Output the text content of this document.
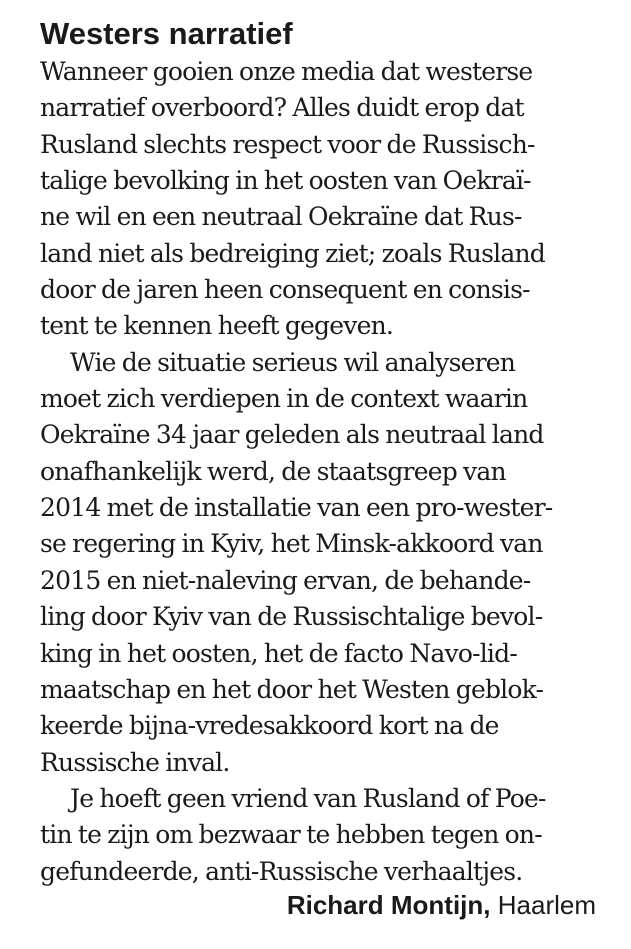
Westers narratief
Wanneer gooien onze media dat westerse
narratief overboord? Alles duidt erop dat
Rusland slechts respect voor de Russisch-
talige bevolking in het oosten van Oekraï-
ne wil en een neutraal Oekraïne dat Rus-
land niet als bedreiging ziet; zoals Rusland
door de jaren heen consequent en consis-
tent te kennen heeft gegeven.
Wie de situatie serieus wil analyseren
moet zich verdiepen in de context waarin
Oekraïne 34 jaar geleden als neutraal land
onafhankelijk werd, de staatsgreep van
2014 met de installatie van een pro-wester-
se regering in Kyiv, het Minsk-akkoord van
2015 en niet-naleving ervan, de behande-
ling door Kyiv van de Russischtalige bevol-
king in het oosten, het de facto Navo-lid-
maatschap en het door het Westen geblok-
keerde bijna-vredesakkoord kort na de
Russische inval.
Je hoeft geen vriend van Rusland of Poe-
tin te zijn om bezwaar te hebben tegen on-
gefundeerde, anti-Russische verhaaltjes.
Richard Montijn, Haarlem
